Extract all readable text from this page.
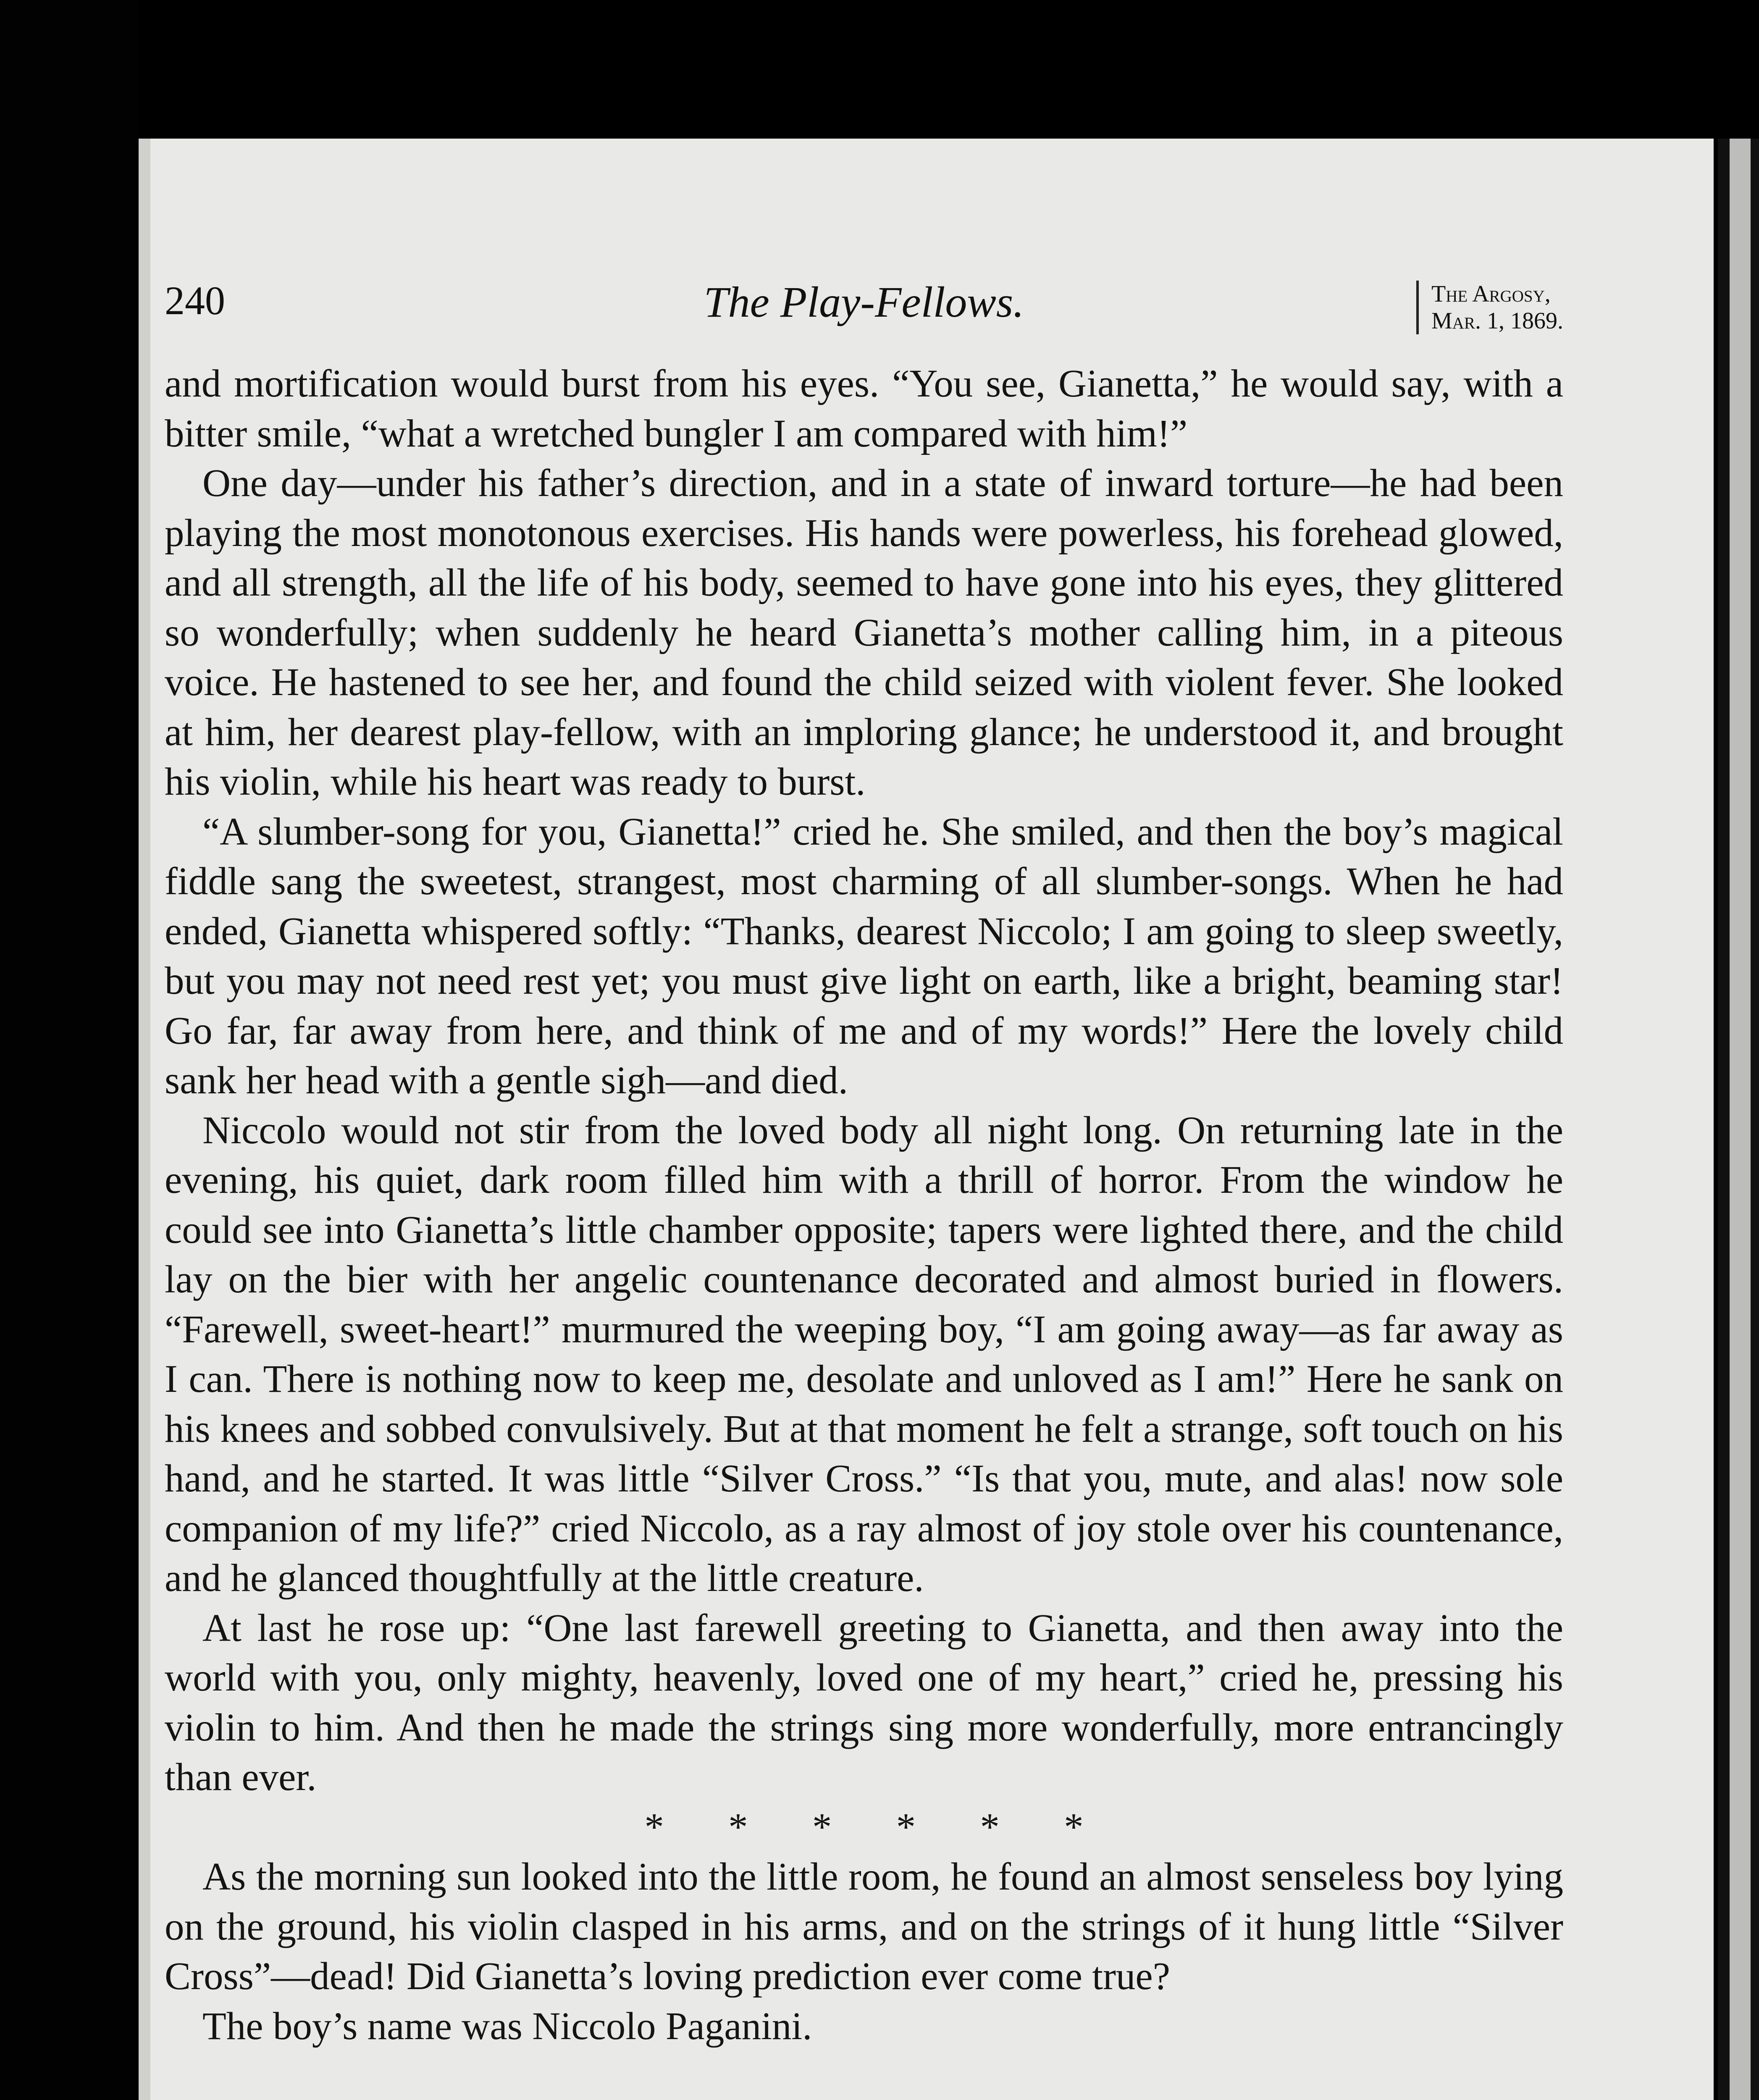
240	The Play-Fellows.	The Argosy,
Mar. 1, 1869.

and mortification would burst from his eyes. “You see, Gianetta,” he would say, with a bitter smile, “what a wretched bungler I am compared with him!”

One day—under his father’s direction, and in a state of inward torture—he had been playing the most monotonous exercises. His hands were powerless, his forehead glowed, and all strength, all the life of his body, seemed to have gone into his eyes, they glittered so wonderfully; when suddenly he heard Gianetta’s mother calling him, in a piteous voice. He hastened to see her, and found the child seized with violent fever. She looked at him, her dearest play-fellow, with an imploring glance; he understood it, and brought his violin, while his heart was ready to burst.

“A slumber-song for you, Gianetta!” cried he. She smiled, and then the boy’s magical fiddle sang the sweetest, strangest, most charming of all slumber-songs. When he had ended, Gianetta whispered softly: “Thanks, dearest Niccolo; I am going to sleep sweetly, but you may not need rest yet; you must give light on earth, like a bright, beaming star! Go far, far away from here, and think of me and of my words!” Here the lovely child sank her head with a gentle sigh—and died.

Niccolo would not stir from the loved body all night long. On returning late in the evening, his quiet, dark room filled him with a thrill of horror. From the window he could see into Gianetta’s little chamber opposite; tapers were lighted there, and the child lay on the bier with her angelic countenance decorated and almost buried in flowers. “Farewell, sweet-heart!” murmured the weeping boy, “I am going away—as far away as I can. There is nothing now to keep me, desolate and unloved as I am!” Here he sank on his knees and sobbed convulsively. But at that moment he felt a strange, soft touch on his hand, and he started. It was little “Silver Cross.” “Is that you, mute, and alas! now sole companion of my life?” cried Niccolo, as a ray almost of joy stole over his countenance, and he glanced thoughtfully at the little creature.

At last he rose up: “One last farewell greeting to Gianetta, and then away into the world with you, only mighty, heavenly, loved one of my heart,” cried he, pressing his violin to him. And then he made the strings sing more wonderfully, more entrancingly than ever.

* * * * * *

As the morning sun looked into the little room, he found an almost senseless boy lying on the ground, his violin clasped in his arms, and on the strings of it hung little “Silver Cross”—dead! Did Gianetta’s loving prediction ever come true?

The boy’s name was Niccolo Paganini.
